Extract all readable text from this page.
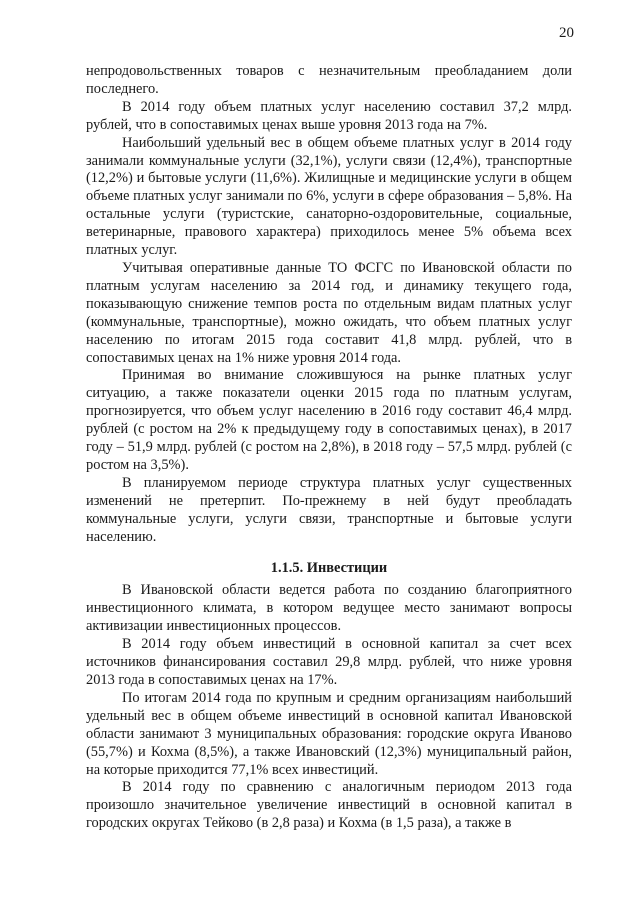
20

непродовольственных товаров с незначительным преобладанием доли последнего.

В 2014 году объем платных услуг населению составил 37,2 млрд. рублей, что в сопоставимых ценах выше уровня 2013 года на 7%.

Наибольший удельный вес в общем объеме платных услуг в 2014 году занимали коммунальные услуги (32,1%), услуги связи (12,4%), транспортные (12,2%) и бытовые услуги (11,6%). Жилищные и медицинские услуги в общем объеме платных услуг занимали по 6%, услуги в сфере образования – 5,8%. На остальные услуги (туристские, санаторно-оздоровительные, социальные, ветеринарные, правового характера) приходилось менее 5% объема всех платных услуг.

Учитывая оперативные данные ТО ФСГС по Ивановской области по платным услугам населению за 2014 год, и динамику текущего года, показывающую снижение темпов роста по отдельным видам платных услуг (коммунальные, транспортные), можно ожидать, что объем платных услуг населению по итогам 2015 года составит 41,8 млрд. рублей, что в сопоставимых ценах на 1% ниже уровня 2014 года.

Принимая во внимание сложившуюся на рынке платных услуг ситуацию, а также показатели оценки 2015 года по платным услугам, прогнозируется, что объем услуг населению в 2016 году составит 46,4 млрд. рублей (с ростом на 2% к предыдущему году в сопоставимых ценах), в 2017 году – 51,9 млрд. рублей (с ростом на 2,8%), в 2018 году – 57,5 млрд. рублей (с ростом на 3,5%).

В планируемом периоде структура платных услуг существенных изменений не претерпит. По-прежнему в ней будут преобладать коммунальные услуги, услуги связи, транспортные и бытовые услуги населению.

1.1.5. Инвестиции

В Ивановской области ведется работа по созданию благоприятного инвестиционного климата, в котором ведущее место занимают вопросы активизации инвестиционных процессов.

В 2014 году объем инвестиций в основной капитал за счет всех источников финансирования составил 29,8 млрд. рублей, что ниже уровня 2013 года в сопоставимых ценах на 17%.

По итогам 2014 года по крупным и средним организациям наибольший удельный вес в общем объеме инвестиций в основной капитал Ивановской области занимают 3 муниципальных образования: городские округа Иваново (55,7%) и Кохма (8,5%), а также Ивановский (12,3%) муниципальный район, на которые приходится 77,1% всех инвестиций.

В 2014 году по сравнению с аналогичным периодом 2013 года произошло значительное увеличение инвестиций в основной капитал в городских округах Тейково (в 2,8 раза) и Кохма (в 1,5 раза), а также в
